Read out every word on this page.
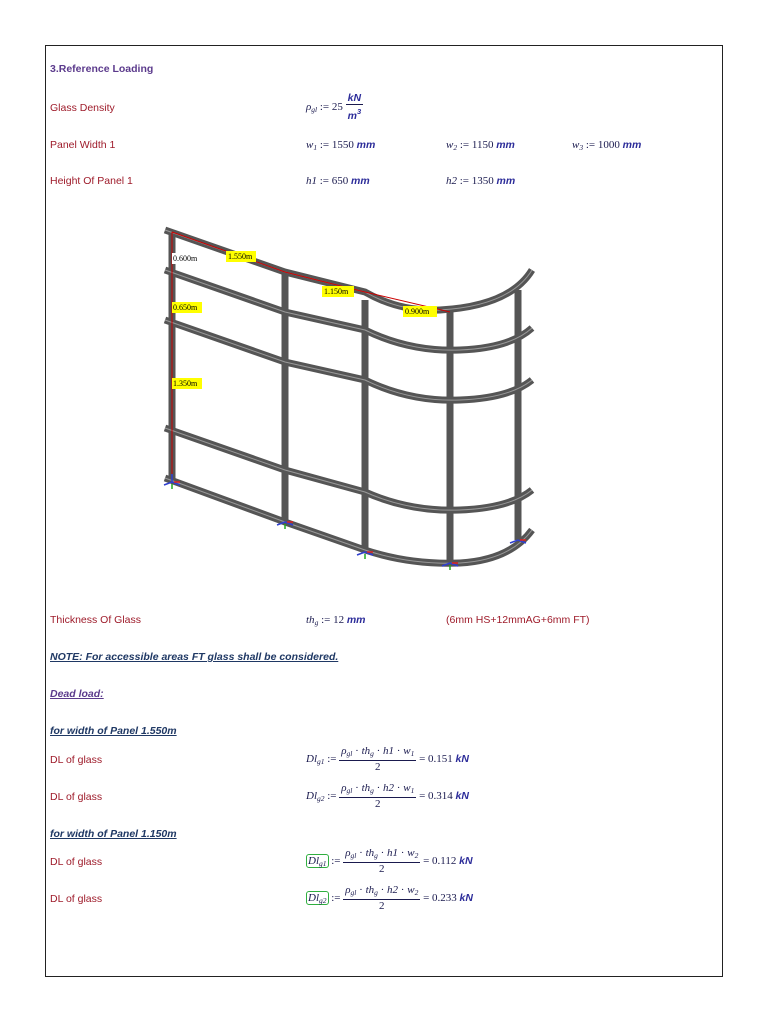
3.Reference Loading
Glass Density	$\rho_{gl}$ := $25 \frac{kN}{m^3}$
Panel Width 1	$w_1$ := 1550 mm	$w_2$ := 1150 mm	$w_3$ := 1000 mm
Height Of Panel 1	h1 := 650 mm	h2 := 1350 mm
0.600m	1.550m
1.150m
0.900m
0.650m
1.350m
Thickness Of Glass	$th_g$ := 12 mm	(6mm HS+12mmAG+6mm FT)
NOTE: For accessible areas FT glass shall be considered.
Dead load:
for width of Panel 1.550m
DL of glass	$Dl_{g1}$ := $\frac{\rho_{gl} \cdot th_g \cdot h1 \cdot w_1}{2} = 0.151$ kN
DL of glass	$Dl_{g2}$ := $\frac{\rho_{gl} \cdot th_g \cdot h2 \cdot w_1}{2} = 0.314$ kN
for width of Panel 1.150m
DL of glass	$Dl_{g1}$ := $\frac{\rho_{gl} \cdot th_g \cdot h1 \cdot w_2}{2} = 0.112$ kN
DL of glass	$Dl_{g2}$ := $\frac{\rho_{gl} \cdot th_g \cdot h2 \cdot w_2}{2} = 0.233$ kN
